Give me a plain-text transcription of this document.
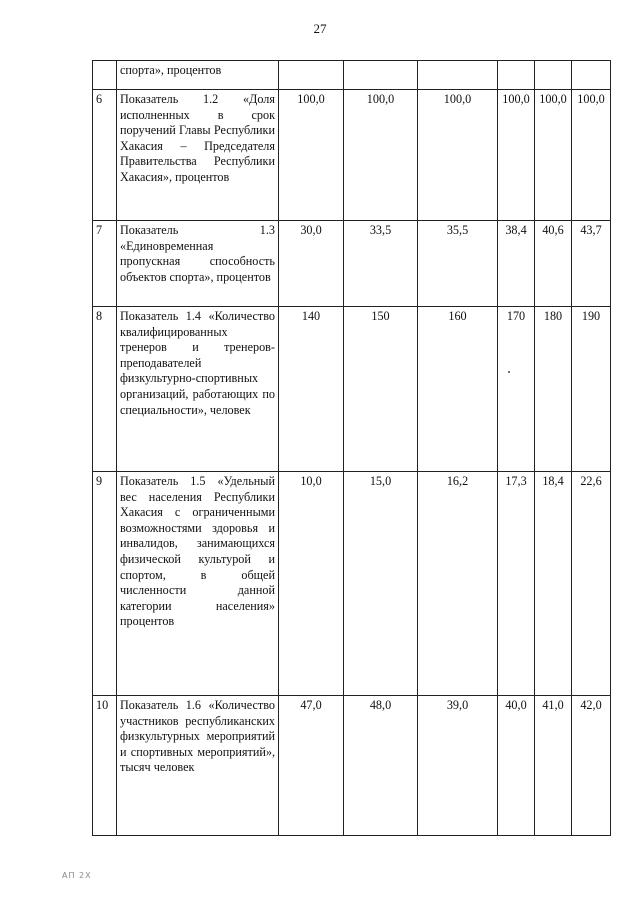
27
	спорта», процентов						
6	Показатель 1.2 «Доля исполненных в срок поручений Главы Республики Хакасия – Председателя Правительства Республики Хакасия», процентов	100,0	100,0	100,0	100,0	100,0	100,0
7	Показатель 1.3 «Единовременная пропускная способность объектов спорта», процентов	30,0	33,5	35,5	38,4	40,6	43,7
8	Показатель 1.4 «Количество квалифицированных тренеров и тренеров-преподавателей физкультурно-спортивных организаций, работающих по специальности», человек	140	150	160	170	180	190
9	Показатель 1.5 «Удельный вес населения Республики Хакасия с ограниченными возможностями здоровья и инвалидов, занимающихся физической культурой и спортом, в общей численности данной категории населения» процентов	10,0	15,0	16,2	17,3	18,4	22,6
10	Показатель 1.6 «Количество участников республиканских физкультурных мероприятий и спортивных мероприятий», тысяч человек	47,0	48,0	39,0	40,0	41,0	42,0
АП 2Х
